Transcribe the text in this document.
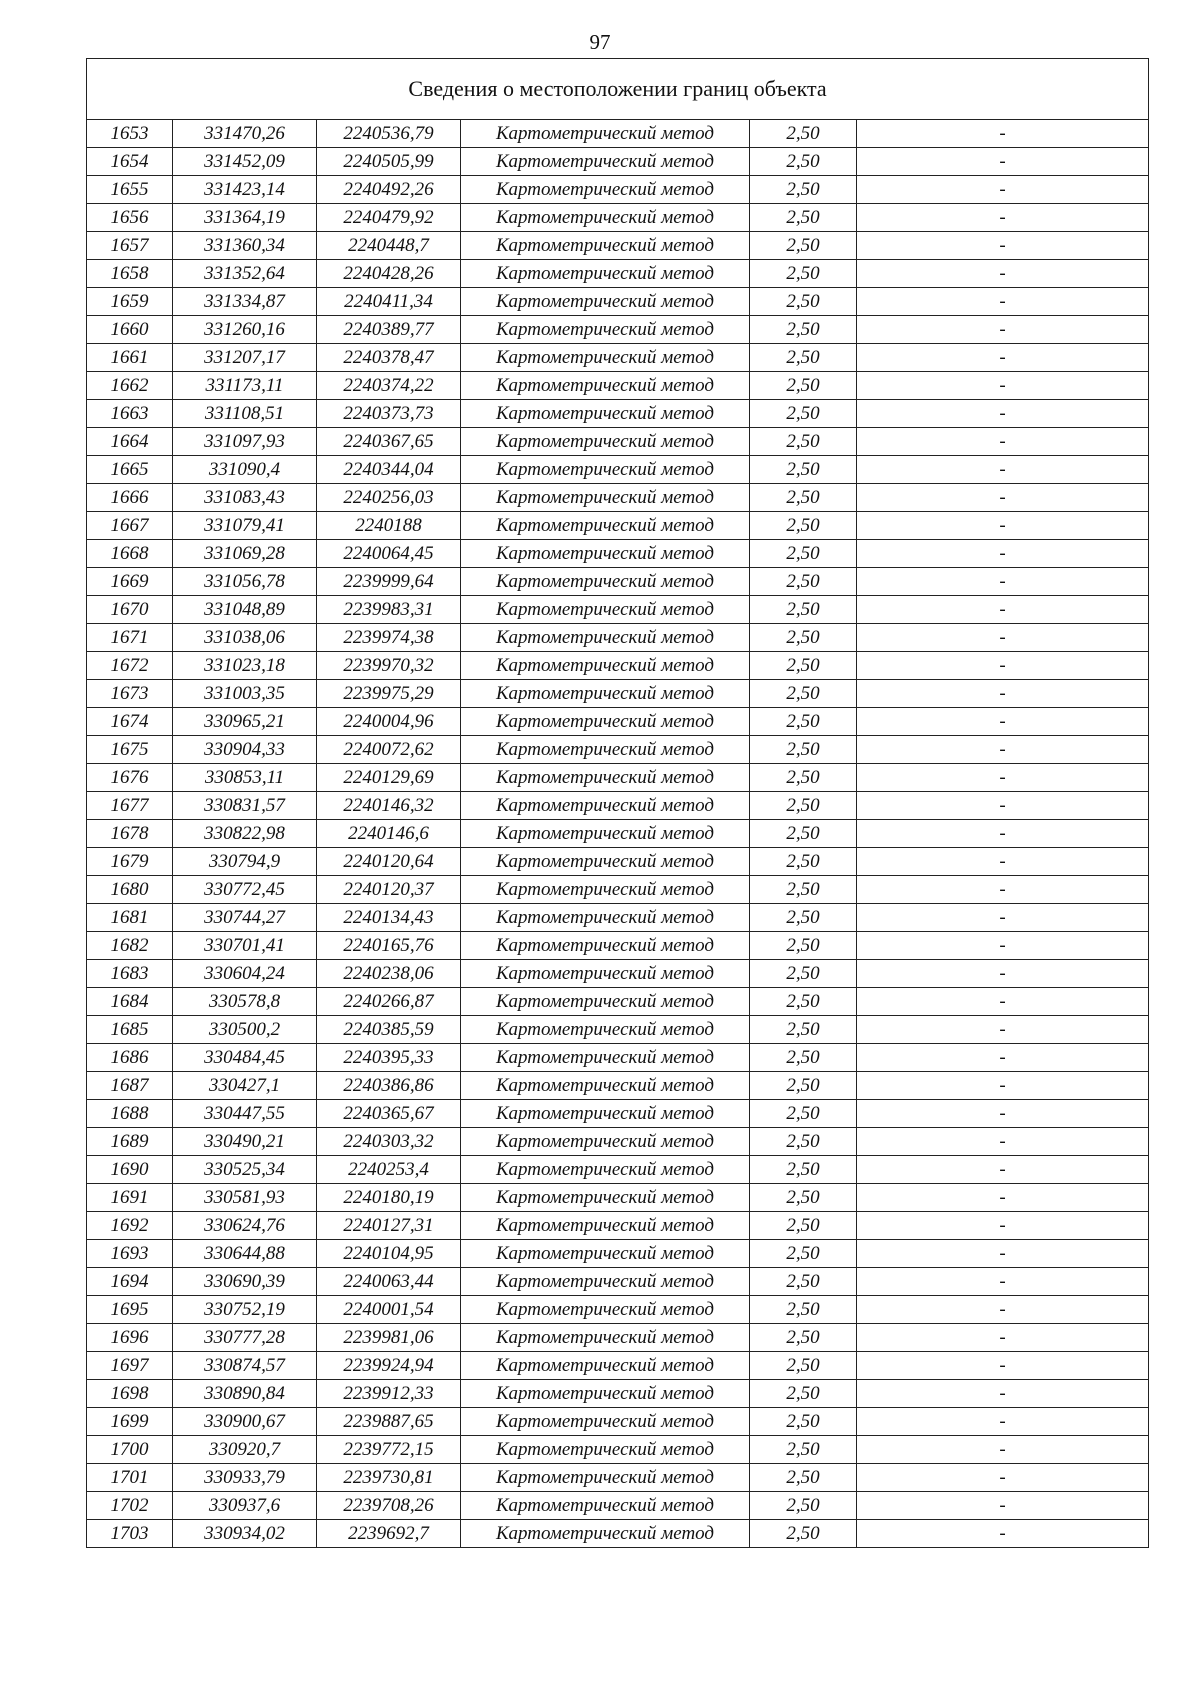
97
Сведения о местоположении границ объекта					
1653	331470,26	2240536,79	Картометрический метод	2,50	-
1654	331452,09	2240505,99	Картометрический метод	2,50	-
1655	331423,14	2240492,26	Картометрический метод	2,50	-
1656	331364,19	2240479,92	Картометрический метод	2,50	-
1657	331360,34	2240448,7	Картометрический метод	2,50	-
1658	331352,64	2240428,26	Картометрический метод	2,50	-
1659	331334,87	2240411,34	Картометрический метод	2,50	-
1660	331260,16	2240389,77	Картометрический метод	2,50	-
1661	331207,17	2240378,47	Картометрический метод	2,50	-
1662	331173,11	2240374,22	Картометрический метод	2,50	-
1663	331108,51	2240373,73	Картометрический метод	2,50	-
1664	331097,93	2240367,65	Картометрический метод	2,50	-
1665	331090,4	2240344,04	Картометрический метод	2,50	-
1666	331083,43	2240256,03	Картометрический метод	2,50	-
1667	331079,41	2240188	Картометрический метод	2,50	-
1668	331069,28	2240064,45	Картометрический метод	2,50	-
1669	331056,78	2239999,64	Картометрический метод	2,50	-
1670	331048,89	2239983,31	Картометрический метод	2,50	-
1671	331038,06	2239974,38	Картометрический метод	2,50	-
1672	331023,18	2239970,32	Картометрический метод	2,50	-
1673	331003,35	2239975,29	Картометрический метод	2,50	-
1674	330965,21	2240004,96	Картометрический метод	2,50	-
1675	330904,33	2240072,62	Картометрический метод	2,50	-
1676	330853,11	2240129,69	Картометрический метод	2,50	-
1677	330831,57	2240146,32	Картометрический метод	2,50	-
1678	330822,98	2240146,6	Картометрический метод	2,50	-
1679	330794,9	2240120,64	Картометрический метод	2,50	-
1680	330772,45	2240120,37	Картометрический метод	2,50	-
1681	330744,27	2240134,43	Картометрический метод	2,50	-
1682	330701,41	2240165,76	Картометрический метод	2,50	-
1683	330604,24	2240238,06	Картометрический метод	2,50	-
1684	330578,8	2240266,87	Картометрический метод	2,50	-
1685	330500,2	2240385,59	Картометрический метод	2,50	-
1686	330484,45	2240395,33	Картометрический метод	2,50	-
1687	330427,1	2240386,86	Картометрический метод	2,50	-
1688	330447,55	2240365,67	Картометрический метод	2,50	-
1689	330490,21	2240303,32	Картометрический метод	2,50	-
1690	330525,34	2240253,4	Картометрический метод	2,50	-
1691	330581,93	2240180,19	Картометрический метод	2,50	-
1692	330624,76	2240127,31	Картометрический метод	2,50	-
1693	330644,88	2240104,95	Картометрический метод	2,50	-
1694	330690,39	2240063,44	Картометрический метод	2,50	-
1695	330752,19	2240001,54	Картометрический метод	2,50	-
1696	330777,28	2239981,06	Картометрический метод	2,50	-
1697	330874,57	2239924,94	Картометрический метод	2,50	-
1698	330890,84	2239912,33	Картометрический метод	2,50	-
1699	330900,67	2239887,65	Картометрический метод	2,50	-
1700	330920,7	2239772,15	Картометрический метод	2,50	-
1701	330933,79	2239730,81	Картометрический метод	2,50	-
1702	330937,6	2239708,26	Картометрический метод	2,50	-
1703	330934,02	2239692,7	Картометрический метод	2,50	-
